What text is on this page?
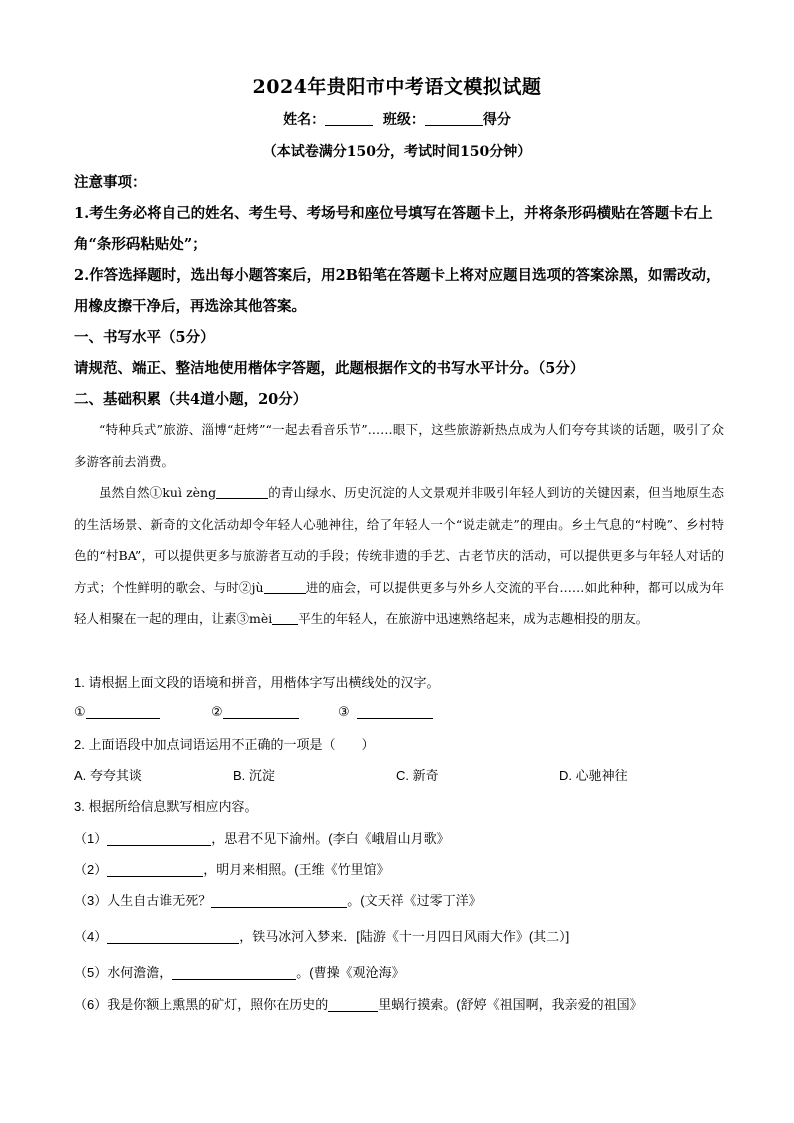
2024年贵阳市中考语文模拟试题
姓名：	班级：	得分
（本试卷满分150分，考试时间150分钟）
注意事项：
1.考生务必将自己的姓名、考生号、考场号和座位号填写在答题卡上，并将条形码横贴在答题卡右上角“条形码粘贴处”；
2.作答选择题时，选出每小题答案后，用2B铅笔在答题卡上将对应题目选项的答案涂黑，如需改动，用橡皮擦干净后，再选涂其他答案。
一、书写水平（5分）
请规范、端正、整洁地使用楷体字答题，此题根据作文的书写水平计分。（5分）
二、基础积累（共4道小题，20分）

“特种兵式”旅游、淄博“赶烤”“一起去看音乐节”……眼下，这些旅游新热点成为人们夸夸其谈的话题，吸引了众多游客前去消费。

虽然自然①kuì zèng	的青山绿水、历史沉淀的人文景观并非吸引年轻人到访的关键因素，但当地原生态的生活场景、新奇的文化活动却令年轻人心驰神往，给了年轻人一个“说走就走”的理由。乡土气息的“村晚”、乡村特色的“村BA”，可以提供更多与旅游者互动的手段；传统非遗的手艺、古老节庆的活动，可以提供更多与年轻人对话的方式；个性鲜明的歌会、与时②jù	进的庙会，可以提供更多与外乡人交流的平台……如此种种，都可以成为年轻人相聚在一起的理由，让素③mèi 平生的年轻人，在旅游中迅速熟络起来，成为志趣相投的朋友。

1. 请根据上面文段的语境和拼音，用楷体字写出横线处的汉字。
①	②	③
2. 上面语段中加点词语运用不正确的一项是（　　）
A. 夸夸其谈	B. 沉淀	C. 新奇	D. 心驰神往
3. 根据所给信息默写相应内容。
（1）	，思君不见下渝州。(李白《峨眉山月歌》
（2）	，明月来相照。(王维《竹里馆》
（3）人生自古谁无死？	。(文天祥《过零丁洋》
（4）	，铁马冰河入梦来．[陆游《十一月四日风雨大作》(其二）]
（5）水何澹澹，	。(曹操《观沧海》
（6）我是你额上熏黑的矿灯，照你在历史的	里蜗行摸索。(舒婷《祖国啊，我亲爱的祖国》
